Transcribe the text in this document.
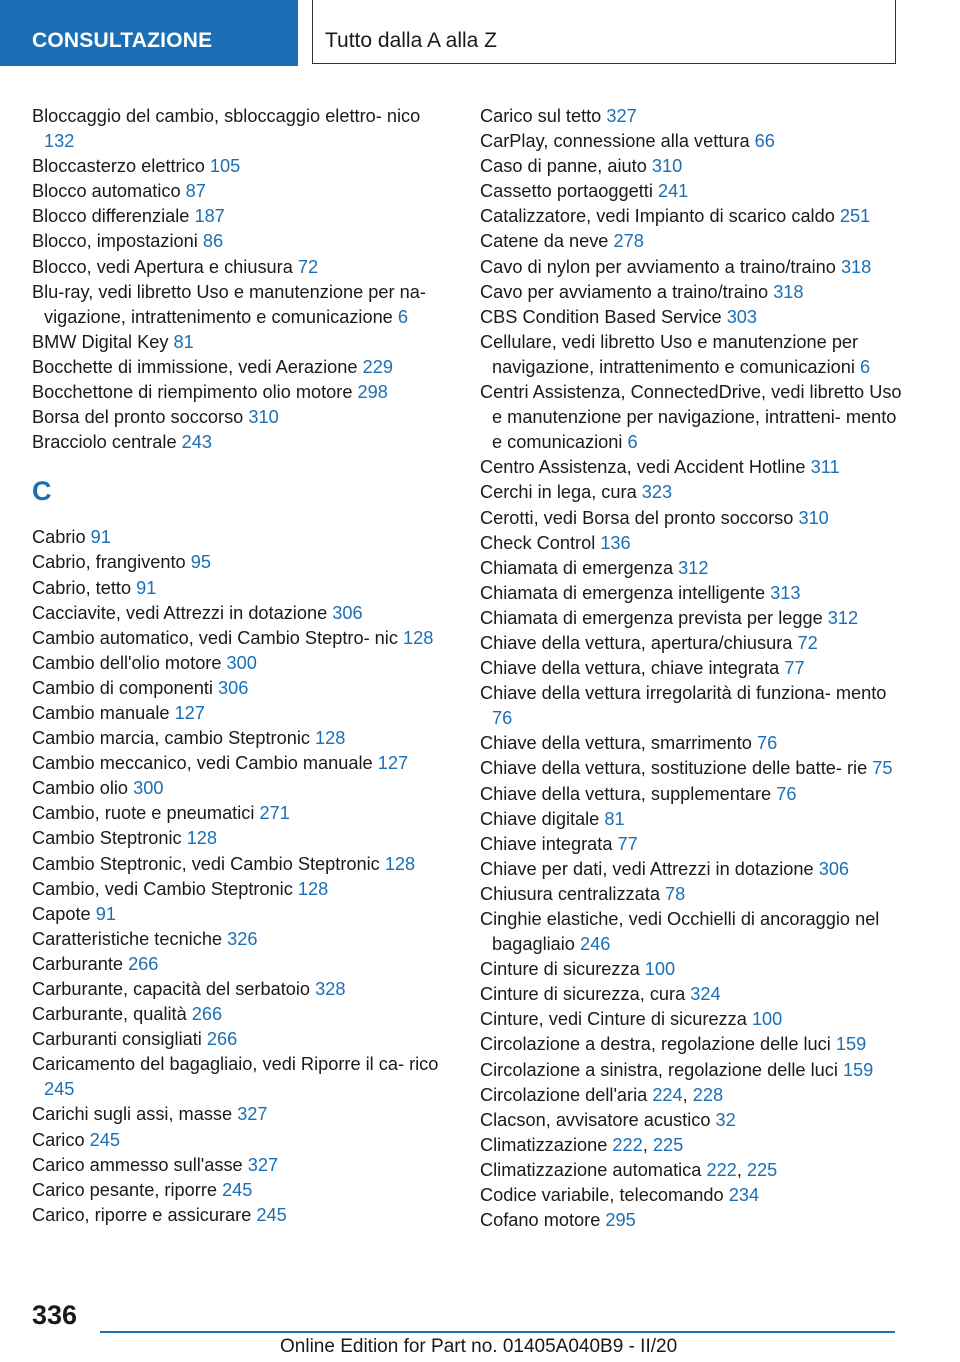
CONSULTAZIONE	Tutto dalla A alla Z

Bloccaggio del cambio, sbloccaggio elettro‐ nico 132

Bloccasterzo elettrico 105

Blocco automatico 87

Blocco differenziale 187

Blocco, impostazioni 86

Blocco, vedi Apertura e chiusura 72

Blu-ray, vedi libretto Uso e manutenzione per na‐ vigazione, intrattenimento e comunicazione 6

BMW Digital Key 81

Bocchette di immissione, vedi Aerazione 229

Bocchettone di riempimento olio motore 298

Borsa del pronto soccorso 310

Bracciolo centrale 243

C

Cabrio 91

Cabrio, frangivento 95

Cabrio, tetto 91

Cacciavite, vedi Attrezzi in dotazione 306

Cambio automatico, vedi Cambio Steptro‐ nic 128

Cambio dell'olio motore 300

Cambio di componenti 306

Cambio manuale 127

Cambio marcia, cambio Steptronic 128

Cambio meccanico, vedi Cambio manuale 127

Cambio olio 300

Cambio, ruote e pneumatici 271

Cambio Steptronic 128

Cambio Steptronic, vedi Cambio Steptronic 128

Cambio, vedi Cambio Steptronic 128

Capote 91

Caratteristiche tecniche 326

Carburante 266

Carburante, capacità del serbatoio 328

Carburante, qualità 266

Carburanti consigliati 266

Caricamento del bagagliaio, vedi Riporre il ca‐ rico 245

Carichi sugli assi, masse 327

Carico 245

Carico ammesso sull'asse 327

Carico pesante, riporre 245

Carico, riporre e assicurare 245

Carico sul tetto 327

CarPlay, connessione alla vettura 66

Caso di panne, aiuto 310

Cassetto portaoggetti 241

Catalizzatore, vedi Impianto di scarico caldo 251

Catene da neve 278

Cavo di nylon per avviamento a traino/traino 318

Cavo per avviamento a traino/traino 318

CBS Condition Based Service 303

Cellulare, vedi libretto Uso e manutenzione per navigazione, intrattenimento e comunicazioni 6

Centri Assistenza, ConnectedDrive, vedi libretto Uso e manutenzione per navigazione, intratteni‐ mento e comunicazioni 6

Centro Assistenza, vedi Accident Hotline 311

Cerchi in lega, cura 323

Cerotti, vedi Borsa del pronto soccorso 310

Check Control 136

Chiamata di emergenza 312

Chiamata di emergenza intelligente 313

Chiamata di emergenza prevista per legge 312

Chiave della vettura, apertura/chiusura 72

Chiave della vettura, chiave integrata 77

Chiave della vettura irregolarità di funziona‐ mento 76

Chiave della vettura, smarrimento 76

Chiave della vettura, sostituzione delle batte‐ rie 75

Chiave della vettura, supplementare 76

Chiave digitale 81

Chiave integrata 77

Chiave per dati, vedi Attrezzi in dotazione 306

Chiusura centralizzata 78

Cinghie elastiche, vedi Occhielli di ancoraggio nel bagagliaio 246

Cinture di sicurezza 100

Cinture di sicurezza, cura 324

Cinture, vedi Cinture di sicurezza 100

Circolazione a destra, regolazione delle luci 159

Circolazione a sinistra, regolazione delle luci 159

Circolazione dell'aria 224, 228

Clacson, avvisatore acustico 32

Climatizzazione 222, 225

Climatizzazione automatica 222, 225

Codice variabile, telecomando 234

Cofano motore 295

336
Online Edition for Part no. 01405A040B9 - II/20
